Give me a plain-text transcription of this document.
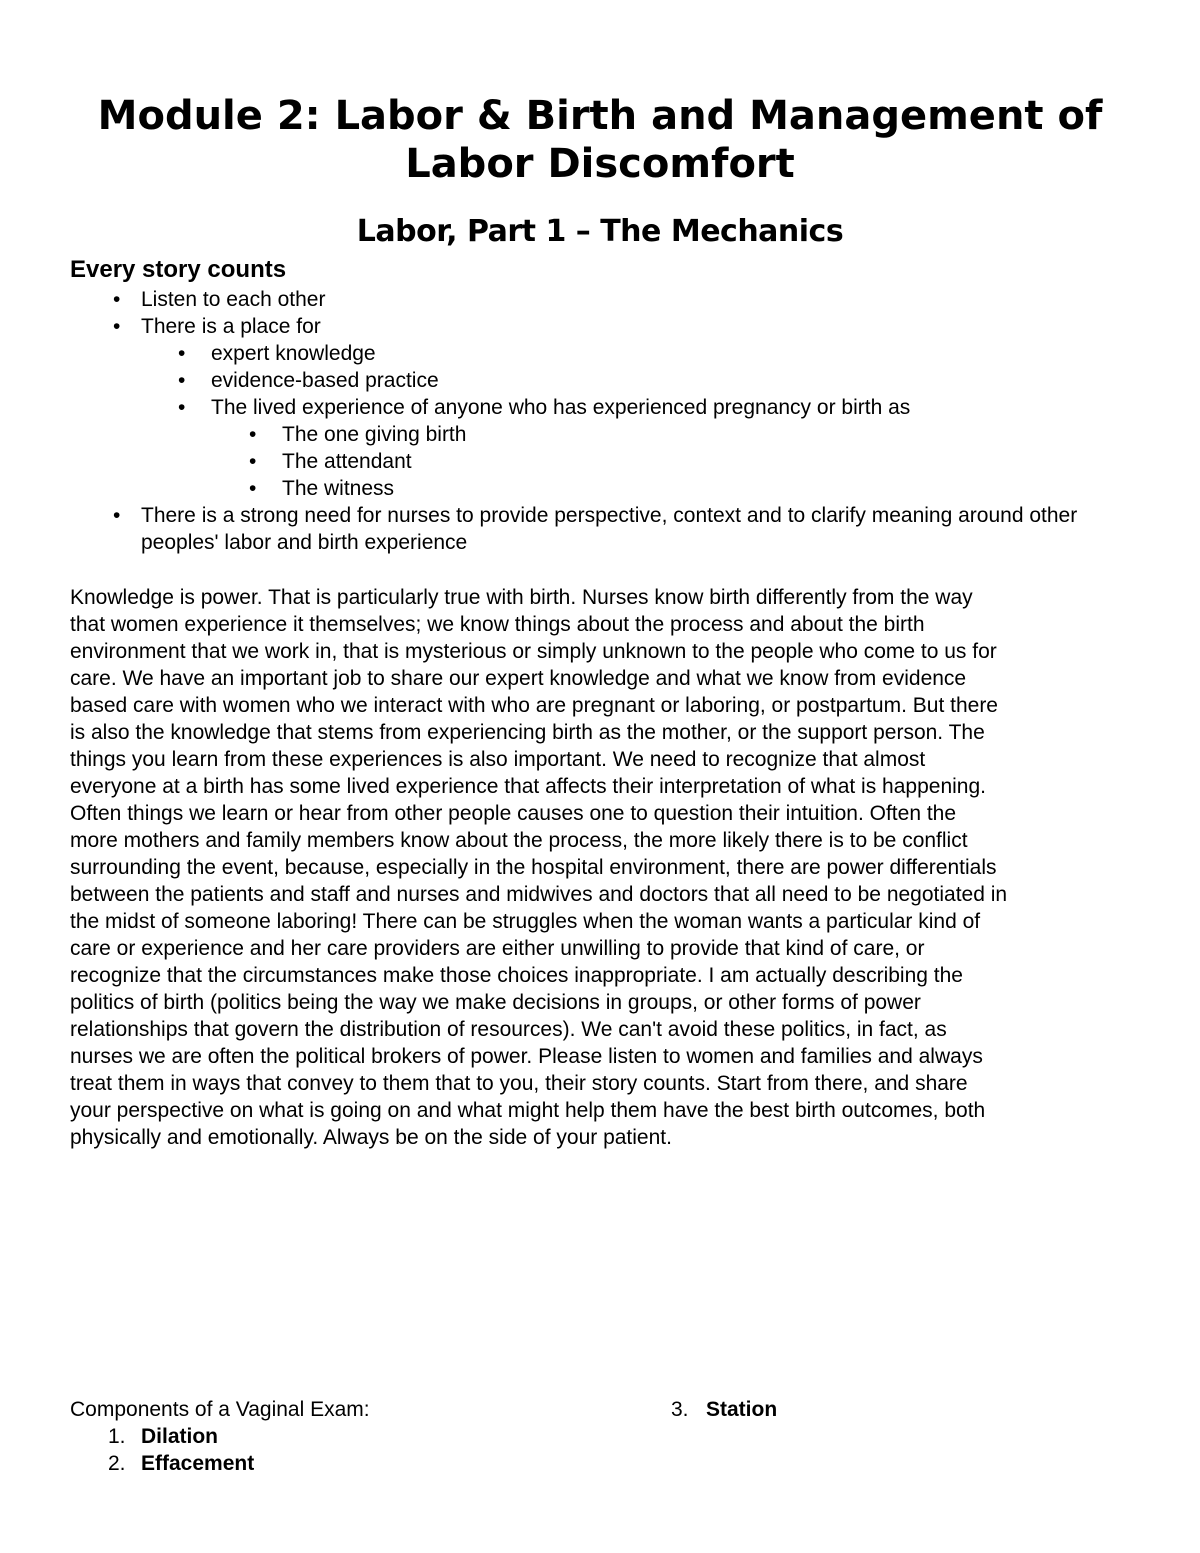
Module 2: Labor & Birth and Management of
Labor Discomfort
Labor, Part 1 – The Mechanics
Every story counts
• Listen to each other
• There is a place for
• expert knowledge
• evidence-based practice
• The lived experience of anyone who has experienced pregnancy or birth as
• The one giving birth
• The attendant
• The witness
• There is a strong need for nurses to provide perspective, context and to clarify meaning around other peoples' labor and birth experience

Knowledge is power. That is particularly true with birth. Nurses know birth differently from the way
that women experience it themselves; we know things about the process and about the birth
environment that we work in, that is mysterious or simply unknown to the people who come to us for
care. We have an important job to share our expert knowledge and what we know from evidence
based care with women who we interact with who are pregnant or laboring, or postpartum. But there
is also the knowledge that stems from experiencing birth as the mother, or the support person. The
things you learn from these experiences is also important. We need to recognize that almost
everyone at a birth has some lived experience that affects their interpretation of what is happening.
Often things we learn or hear from other people causes one to question their intuition. Often the
more mothers and family members know about the process, the more likely there is to be conflict
surrounding the event, because, especially in the hospital environment, there are power differentials
between the patients and staff and nurses and midwives and doctors that all need to be negotiated in
the midst of someone laboring! There can be struggles when the woman wants a particular kind of
care or experience and her care providers are either unwilling to provide that kind of care, or
recognize that the circumstances make those choices inappropriate. I am actually describing the
politics of birth (politics being the way we make decisions in groups, or other forms of power
relationships that govern the distribution of resources). We can't avoid these politics, in fact, as
nurses we are often the political brokers of power. Please listen to women and families and always
treat them in ways that convey to them that to you, their story counts. Start from there, and share
your perspective on what is going on and what might help them have the best birth outcomes, both
physically and emotionally. Always be on the side of your patient.

Components of a Vaginal Exam:

1. Dilation
2. Effacement
3. Station
